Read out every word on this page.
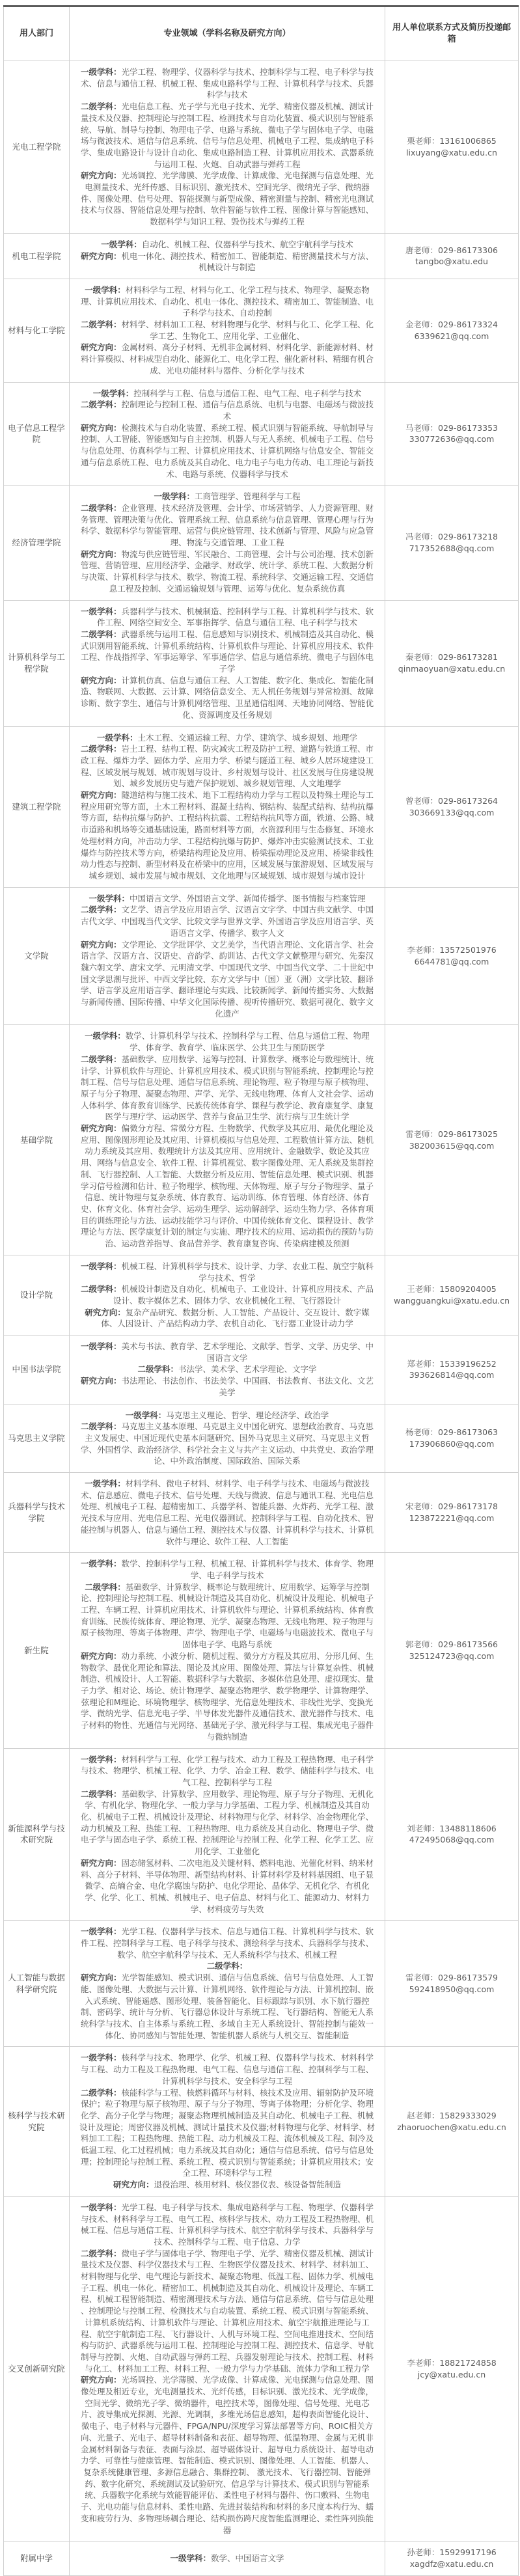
用人部门	专业领域（学科名称及研究方向）	用人单位联系方式及简历投递邮箱
光电工程学院	一级学科：光学工程、物理学、仪器科学与技术、控制科学与工程、电子科学与技术、信息与通信工程、机械工程、集成电路科学与工程、计算机科学与技术、兵器科学与技术
二级学科：光电信息工程、光子学与光电子技术、光学、精密仪器及机械、测试计量技术及仪器、控制理论与控制工程、检测技术与自动化装置、模式识别与智能系统、导航、制导与控制、物理电子学、电路与系统、微电子学与固体电子学、电磁场与微波技术、通信与信息系统、信号与信息处理、机械电子工程、集成纳电子科学、集成电路设计与设计自动化、集成电路制造工程、计算机应用技术、武器系统与运用工程、火炮、自动武器与弹药工程
研究方向：光场调控、光学薄膜、光学成像、计算成像、光电探测与信息处理、光电测量技术、光纤传感、目标识别、激光技术、空间光学、微纳光子学、微纳器件、图像处理、信号处理、智能探测与新型成像、精密测量与控制、精密光电测试技术与仪器、智能信息处理与控制、软件智能与软件工程、图像计算与智能感知、数据科学与知识工程、毁伤技术与弹药工程	栗老师：13161006865
lixuyang@xatu.edu.cn

机电工程学院	一级学科：自动化、机械工程、仪器科学与技术、航空宇航科学与技术
研究方向：机电一体化、测控技术、精密加工、智能制造、精密测量技术与方法、机械设计与制造	唐老师：029-86173306
tangbo@xatu.edu

材料与化工学院	一级学科：材料科学与工程、材料与化工、化学工程与技术、物理学、凝聚态物理、计算机应用技术、自动化、机电一体化、测控技术、精密加工、智能制造、电子科学与技术、自动控制
二级学科：材料学、材料加工工程、材料物理与化学、材料与化工、化学工程、化学工艺、生物化工、应用化学、工业催化、
研究方向：金属材料、高分子材料、无机非金属材料、材料化学、新能源材料、材料计算模拟、材料成型自动化、能源化工、电化学工程、催化新材料、精细有机合成、光电功能材料与器件、分析化学与技术	金老师：029-86173324
6339621@qq.com

电子信息工程学院	一级学科：控制科学与工程、信息与通信工程、电气工程、电子科学与技术
二级学科：控制理论与控制工程、通信与信息系统、电机与电器、电磁场与微波技术
研究方向：检测技术与自动化装置、系统工程、模式识别与智能系统、导航制导与控制、人工智能、智能感知与自主控制、机器人与无人系统、机械电子工程、信号与信息处理、仿真科学与工程、计算机应用技术、计算机网络与信息安全、智能交通与信息系统工程、电力系统及其自动化、电力电子与电力传动、电工理论与新技术、电路与系统、仪器科学与技术	马老师：029-86173353
330772636@qq.com

经济管理学院	一级学科：工商管理学、管理科学与工程
二级学科：企业管理、技术经济及管理、会计学、市场营销学、人力资源管理、财务管理、管理决策与优化、管理系统工程、信息系统与信息管理、管理心理与行为科学、数据科学与智能管理、运营与供应链管理、技术创新与管理、风险与应急管理、物流与交通管理、工业工程
研究方向：物流与供应链管理、军民融合、工商管理、会计与公司治理、技术创新管理、营销管理、应用经济学、金融学、财政学、统计学、系统工程、大数据分析与决策、计算机科学与技术、数学、物流工程、系统科学、交通运输工程、交通信息工程及控制、交通运输规划与管理、运筹与优化、复杂系统仿真	冯老师：029-86173218
717352688@qq.com

计算机科学与工程学院	一级学科：兵器科学与技术、机械制造、控制科学与工程、计算机科学与技术、软件工程、网络空间安全、军事指挥学、信息与通信工程、电子科学与技术
二级学科：武器系统与运用工程、信息感知与识别技术、机械制造及其自动化、模式识别用智能系统、计算机系统结构、计算机软件与理论、计算机应用技术、软件工程、作战指挥学、军事运筹学、军事通信学、信息与通信系统、微电子与固体电子学
研究方向：计算机仿真、信息与通信工程、人工智能、数字化、集成化、智能化制造、物联网、大数据、云计算、网络信息安全、无人机任务规划与异常检测、故障诊断、数字孪生、通信与计算机网络管理、卫星通信组网、天地协同网络、智能优化、资源调度及任务规划	秦老师：029-86173281
qinmaoyuan@xatu.edu.cn

建筑工程学院	一级学科：土木工程、交通运输工程、力学、建筑学、城乡规划、地理学
二级学科：岩土工程、结构工程、防灾减灾工程及防护工程、道路与铁道工程、市政工程、爆炸力学、固体力学、应用力学、桥梁与隧道工程、城乡人居环境建设工程、区域发展与规划、城市规划与设计、乡村规划与设计、社区发展与住房建设规划、城乡发展历史与遗产保护规划、城乡规划管理、人文地理学
研究方向：隧道结构与施工技术、地下工程结构动力学与工程以及特殊土理论与工程应用研究等方面，土木工程材料、混凝土结构、钢结构、装配式结构、结构抗爆等方面，结构抗爆与防护、工程结构抗震、工程结构抗风等方面，铁道、公路、城市道路和机场等交通基础设施，路面材料等方面，水资源利用与生态修复、环境水处理材料方向，冲击动力学、工程结构抗爆与防护、爆炸冲击实验测试技术、工业爆炸与防控技术等方向，桥梁结构理论及应用、桥梁振动理论及应用、桥梁非线性动力性态与控制、新型材料及在桥梁中的应用，区域发展与旅游规划、区域发展与城乡规划、城市发展与城市规划、文化地理与区域规划、城市规划与城市设计	曾老师：029-86173264
303669133@qq.com

文学院	一级学科：中国语言文学、外国语言文学、新闻传播学、图书情报与档案管理
二级学科：文艺学、语言学及应用语言学、汉语言文字学、中国古典文献学、中国古代文学、中国现当代文学、比较文学与世界文学、外国语言学及应用语言学、英语语言文学、传播学、数字人文
研究方向：文学理论、文学批评学、文艺美学，当代语言理论、文化语言学、社会语言学、汉语方言、汉语史、音韵学、韵训诂、古代文学文献整理与研究、先秦汉魏六朝文学、唐宋文学、元明清文学、中国现代文学、中国当代文学、二十世纪中国文学思潮与批评、中西文学比较、东方文学与中（国）亚（洲）文学比较、翻译学、语言学及应用语言学、翻译理论与实践、比较新闻学、新闻传播实务、大数据与新闻传播、国际传播、中华文化国际传播、视听传播研究、数据可视化、数字文化遗产	李老师：13572501976
6644781@qq.com

基础学院	一级学科：数学、计算机科学与技术、控制科学与工程、信息与通信工程、物理学、体育学、教育学、临床医学、公共卫生与预防医学
二级学科：基础数学、应用数学、运筹与控制、计算数学、概率论与数理统计、统计学、计算机软件与理论、计算机应用技术、模式识别与智能系统、控制理论与控制工程、信号与信息处理、通信与信息系统、理论物理、粒子物理与原子核物理、原子与分子物理、凝聚态物理、声学、光学、无线电物理、体育人文社会学、运动人体科学、体育教育训练学、民族传统体育学、课程与教学论、教育康复学、康复医学与理疗学、运动医学、营养与食品卫生学、流行病与卫生统计学
研究方向：偏微分方程、常微分方程、生物数学、代数学及其应用、最优化理论及应用、图像图形理论及其应用、计算机模拟与信息处理、工程数值计算方法、随机动力系统及其应用、数理统计方法及其应用、应用统计、金融数学、数论及其应用、网络与信息安全、软件工程、计算机视觉、数字图像处理、无人系统及集群控制、飞行器控制、人工智能、大数据分析及应用、智能信息处理、模式识别、机器学习信号检测和估计、粒子物理学、核物理、天体物理、原子与分子物理学、量子信息、统计物理与复杂系统、体育教育、运动训练、体育管理、体育经济、体育史、体育文化、体育社会学、运动生理学、运动解剖学、运动生物力学、各体育项目的训练理论与方法、运动技能学习与评价、中国传统体育文化、课程设计、教学理论与方法、医学康复计划的制定与实施、理疗技术的应用、运动损伤的预防与防治、运动营养指导、食品营养学、教育康复咨询、传染病建模及预测	雷老师：029-86173025
382003615@qq.com

设计学院	一级学科：机械工程、计算机科学与技术、设计学、力学、农业工程、航空宇航科学与技术、哲学
二级学科：机械设计制造及自动化、机械电子、工业设计、计算机应用技术、产品设计、数字媒体艺术、固体力学、农业机械化工程、飞行器设计
研究方向：复杂产品研究、数据分析、人工智能、产品设计、交互设计、数字媒体、人因设计、产品结构动力学、农机自动化、飞行器工业设计动力学	王老师：15809204005
wangguangkui@xatu.edu.cn

中国书法学院	一级学科：美术与书法、教育学、艺术学理论、文献学、哲学、文学、历史学、中国语言文学
二级学科：书法学、美术学、艺术学理论、文字学
研究方向：书法理论、书法创作、书法美学、中国画、书法教育、书法文化、文艺美学	郑老师：15339196252
393626814@qq.com

马克思主义学院	一级学科：马克思主义理论、哲学、理论经济学、政治学
二级学科：马克思主义基本原理、马克思主义中国化研究、思想政治教育、马克思主义发展史、中国近现代史基本问题研究、国外马克思主义研究、马克思主义哲学、外国哲学、政治经济学、科学社会主义与共产主义运动、中共党史、政治学理论、中外政治制度、国际政治、国际关系	杨老师：029-86173063
173906860@qq.com

兵器科学与技术学院	一级学科：材料学科、微电子材料、材料学、电子科学与技术、电磁场与微波技术、信息感应、微电子技术、信号处理、天线与微波、信息与通讯工程、光电信息处理、机械电子工程、超精密加工、兵器学科、智能兵器、火炸药、光学工程、激光技术与应用、光电信息工程、光电仪器测试、控制科学与工程、自动化技术、智能控制与机器人、信息与通信工程、测控技术与仪器、计算机科学与技术、计算机软件与理论、软件工程、人工智能	宋老师：029-86173178
123872221@qq.com

新生院	一级学科：数学、控制科学与工程、机械工程、计算机科学与技术、体育学、物理学、电子科学与技术
二级学科：基础数学、计算数学、概率论与数理统计、应用数学、运筹学与控制论、控制理论与控制工程、机械设计制造及其自动化、机械设计及理论、机械电子工程、车辆工程、计算机应用技术、计算机软件与理论、计算机系统结构、体育教育训练、民族传统体育、理论物理、光学、凝聚态物理、无线电物理、粒子物理与原子核物理、等离子体物理、声学、物理电子学、电磁场与电磁波技术、微电子与固体电子学、电路与系统
研究方向：动力系统、小波分析、随机过程、微分方方程及其应用、分形几何、生物数学、最优化理论和算法、图论及其应用、图像处理、算法与计算复杂性、机械制造、机械设计、人工智能、数据科学与大数据、多媒体信息处理、虚拟现实、量子力学、相对论、场论、统计物理学、凝聚态物理学、数学物理学、计算物理学、弦理论和M理论、环境物理学、核物理学、光信息处理技术、非线性光学、变换光学、微纳光学、信息光电子学、半导体发光器件及通信技术、激光器件与技术、电子材料的物性、光通信与光网络、基础光子学、激光科学与工程、集成光电子器件与微纳制造	郭老师：029-86173566
325124723@qq.com

新能源科学与技术研究院	一级学科：材料科学与工程、化学工程与技术、动力工程及工程热物理、电子科学与技术、物理学、机械工程、化学、力学、冶金工程、数学、储能科学与技术、电气工程、控制科学与工程
二级学科：基础数学、计算数学、应用数学、理论物理、原子与分子物理、无机化学、有机化学、物理化学、一般力学与力学基础、工程力学、机械制造及其自动化、机械电子工程、机械设计及理论、材料物理与化学、材料学、冶金物理化学、动力机械及工程、热能工程、工程热物理、电力系统及其自动化、物理电子学、微电子学与固态电子学、系统工程、控制理论与控制工程、化学工程、化学工艺、应用化学、工业催化
研究方向：固态储氢材料、二次电池及关键材料、燃料电池、光催化材料、纳米材料、高分子材料、半导体物理、新型结构材料、计算材料学及材料基因组、电子显微学、高熵合金、电化学腐蚀与防护、电化学理论、晶体学、无机化学、有机化学、化学、化工、机械、机械电子、电子信息、材料与化工、能源动力、材料力学、材料疲劳与失效	刘老师：13488118606
472495068@qq.com

人工智能与数据科学研究院	一级学科：光学工程、仪器科学与技术、信息与通信工程、计算机科学与技术、软件工程、控制科学与工程、电子科学与技术、测绘科学与技术、兵器科学与技术、数学、航空宇航科学与技术、无人系统科学与技术、机械工程
二级学科：
研究方向：光学智能感知、模式识别、通信与信息系统、信号与信息处理、人工智能、图像处理、大数据与云计算、计算机网络、软件理论与方法、计算机控制、嵌入式系统、智能遥感、图形处理、装备智能化、目标跟踪与识别、水下航行器控制、密码学、统计与分析、飞行器总体设计与系统工程、飞行器结构、智能无人系统科学与技术、自主体系与系统工程、多域自主无人系统设计、智能控制与能效一体化、协同感知与智能处理、智能机器人系统与人机交互、智能制造	雷老师：029-86173579
592418950@qq.com

核科学与技术研究院	一级学科：核科学与技术、物理学、化学、机械工程、仪器科学与技术、材料科学与工程、动力工程及工程热物理、电气工程、信息与通信工程、控制科学与工程、计算机科学与技术、安全科学与工程
二级学科：核能科学与工程、核燃料循环与材料、核技术及应用、辐射防护及环境保护；粒子物理与原子核物理、原子与分子物理、等离子体物理；分析化学、物理化学、高分子化学与物理；凝聚态物理机械制造及其自动化、机械电子工程、机械设计及理论；周密仪器及机械、测试计量技术及仪器;材料物理与化学、材料学、材料加工工程；工程热物理、热能工程、动力机械及工程、流体机械及工程、制冷及低温工程、化工过程机械；电力系统及其自动化；通信与信息系统、信号与信息处理；控制理论与控制工程、系统工程、模式识别与智能系统；计算机应用技术；安全工程、环境科学与工程
研究方向：退役治理、核用材料、核仪器仪表、核设备智能制造	赵老师：15829333029
zhaoruochen@xatu.edu.cn

交叉创新研究院	一级学科：光学工程、电子科学与技术、集成电路科学与工程、物理学、仪器科学与技术、材料科学与工程、电气工程、核科学与技术、动力工程及工程热物理、机械工程、信息与通信工程、计算机科学与技术、航空宇航科学与技术、兵器科学与技术、控制科学与工程、电子信息、力学
二级学科：微电子学与固体电子学、物理电子学、光学、精密仪器及机械、测试计量技术及仪器、科学仪器技术与工程、生物医学仪器及技术、材料学、材料加工、材料物理与化学、电气理论与新技术、凝聚态物理、低温工程、固体力学、机械电子工程、机电一体化、精密加工、机械制造及其自动化、机械设计及理论、车辆工程、机械工程智能制造、精密测理技术与方法、通信与信息系统、信号与信息处理 、控制理论与控制工程、检测技术与自动装置、系统工程、模式识别与智能系统、计算机系统结构、计算机软件与理论、计算机应用技术、航空宇航推进理论与工程、航空宇航制造工程、飞行器设计、人机与环境工程、空间电推进技术、空间结构与防护、武器系统与运用工程、控制理论与控制工程、测控技术、信息学、导航制导与控制、火炮、自动武器与弹药工程、兵器发射理论与技术、控制工程、材料与化工、材料加工工程、材料工程、一般力学与力学基础、流体力学和工程力学
研究方向：光场调控、光学薄膜、光学成像、计算成像、光电探测与信息处理、图像处理及相近专业，光电测量技术、光纤传感，目标识别、激光技术、光学成像，空间光学、微纳光子学、微纳器件，电控技术等，图像处理、信号处理、光电芯片、波导集成光探测、光源、光调制，多维光场信息感知，超构表面智能化设计、微电子、电子材料与元器件、FPGA/NPU/深度学习算法部署等方向、ROIC相关方向、光量子、光电子、超导材料制备和表征、超导物理、低温物理、金属与无机非金属材料制备与表征、表面与涂层、超导磁体设计、超导电力系统设计、超导电动力学、可靠性与健康管理、智能制造、模式识别、图像处理、人工智能、机器人、复杂系统健康管理、多源信息融合、集群控制、 激光技术、飞行器控制、智能弹药、数字化研究、系统测试及试验研究、信息学与计算技术、模式识别与智能系统、兵器数字化系统与效能智能评估、柔性电子材料与器件、伤口敷料、生物电子、光电功能与信息材料、柔性电路、先进封装结构和材料的多尺度本构行为、蠕变和疲劳行为、多物理场耦合理论、结构损伤跨尺度智能监测理论、柔性阵列换能器	李老师：18821724858
jcy@xatu.edu.cn

附属中学	一级学科：数学、中国语言文学	孙老师：15929917196
xagdfz@xatu.edu.cn
